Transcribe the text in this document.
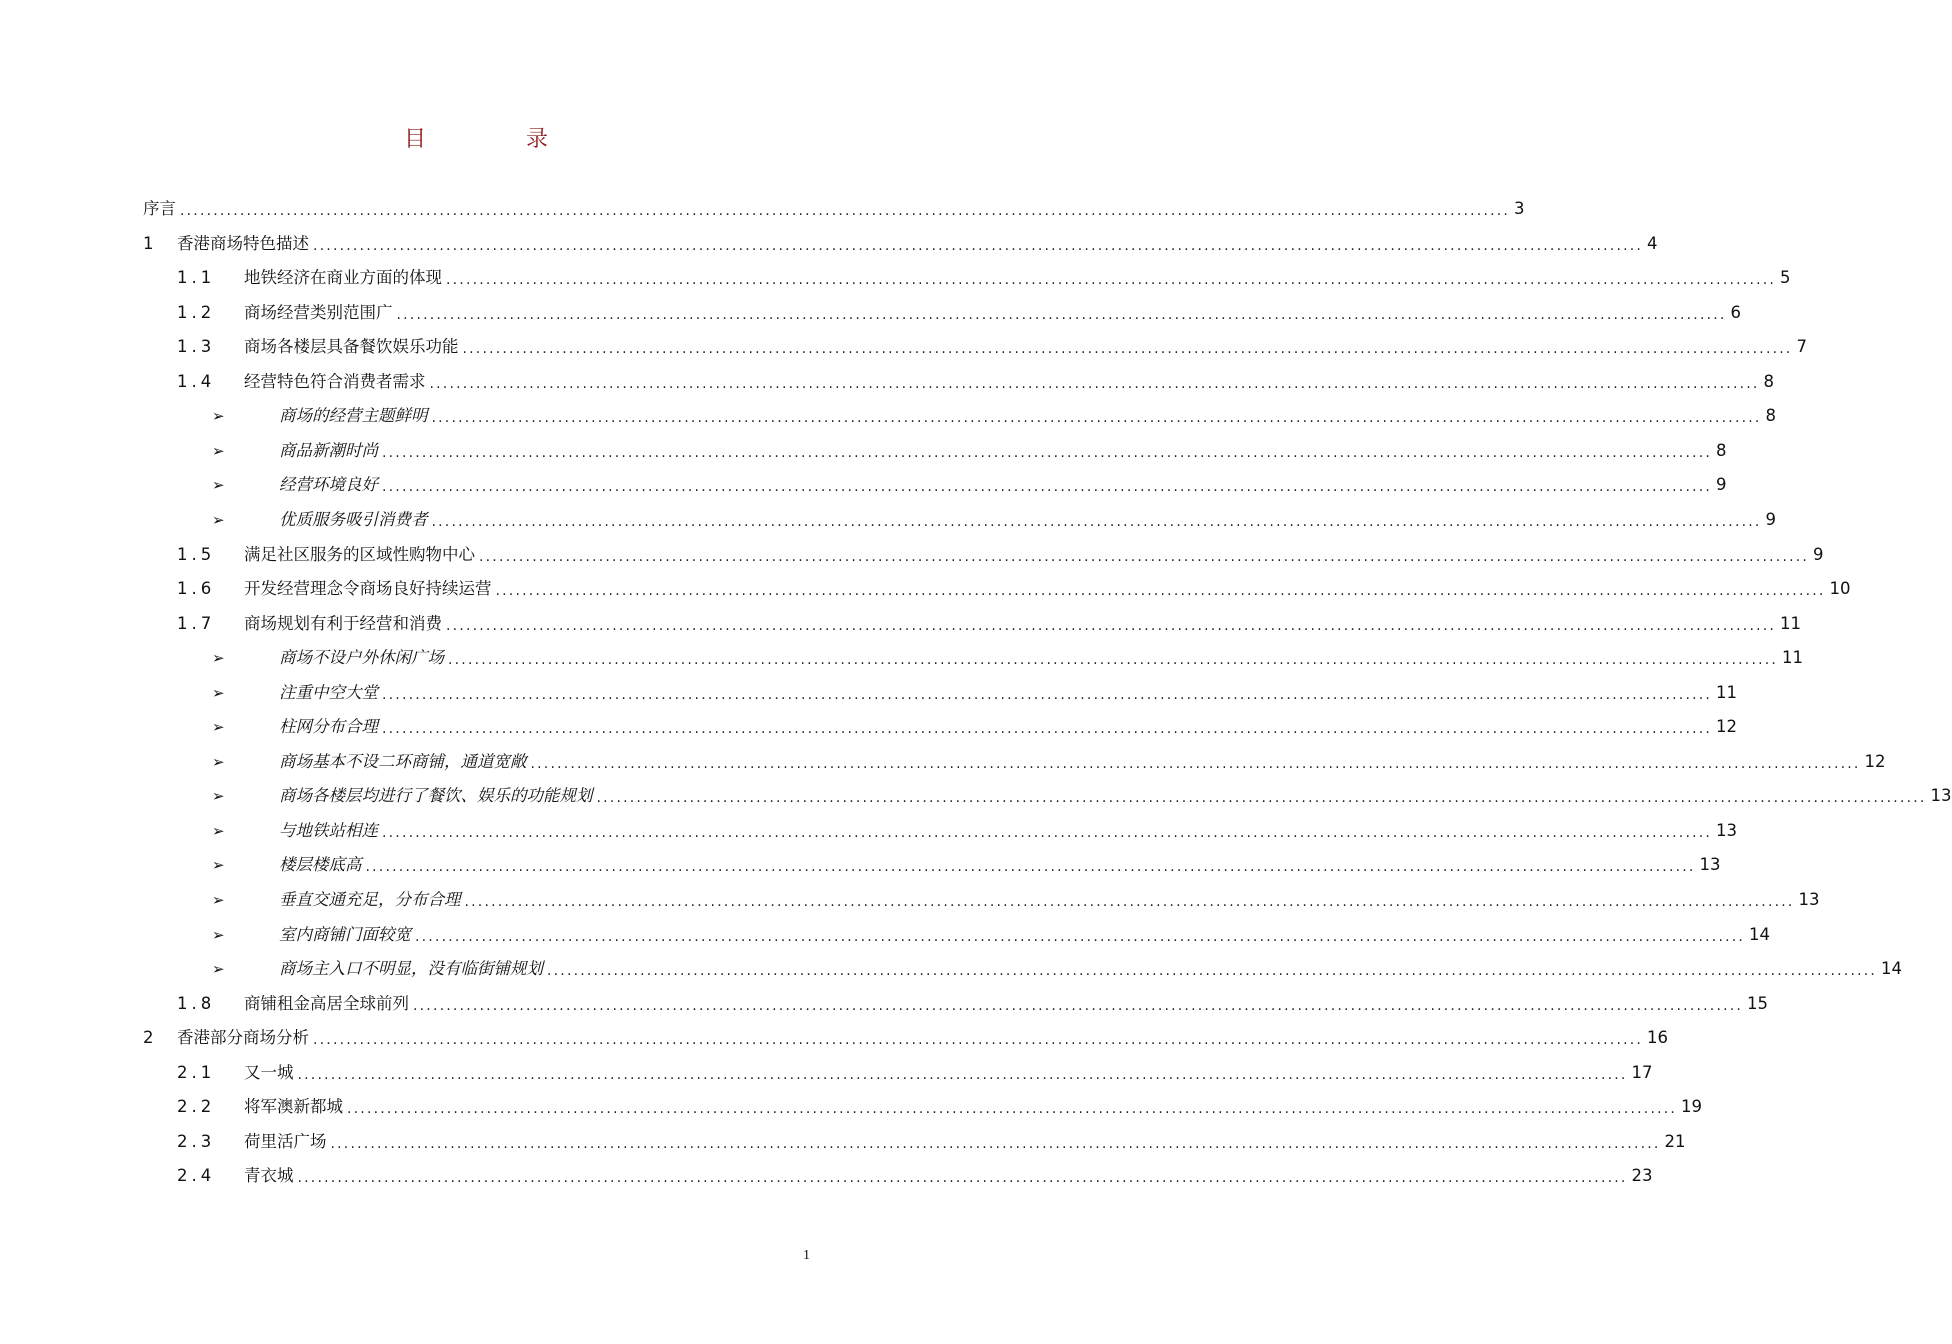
目	录
序言 ........................................................................................................................................................................................................ 3
1	香港商场特色描述 ........................................................................................................................................................................................................ 4
1.1	地铁经济在商业方面的体现 ........................................................................................................................................................................................................ 5
1.2	商场经营类别范围广 ........................................................................................................................................................................................................ 6
1.3	商场各楼层具备餐饮娱乐功能 ........................................................................................................................................................................................................ 7
1.4	经营特色符合消费者需求 ........................................................................................................................................................................................................ 8
➢	商场的经营主题鲜明 ........................................................................................................................................................................................................ 8
➢	商品新潮时尚 ........................................................................................................................................................................................................ 8
➢	经营环境良好 ........................................................................................................................................................................................................ 9
➢	优质服务吸引消费者 ........................................................................................................................................................................................................ 9
1.5	满足社区服务的区域性购物中心 ........................................................................................................................................................................................................ 9
1.6	开发经营理念令商场良好持续运营 ........................................................................................................................................................................................................ 10
1.7	商场规划有利于经营和消费 ........................................................................................................................................................................................................ 11
➢	商场不设户外休闲广场 ........................................................................................................................................................................................................ 11
➢	注重中空大堂 ........................................................................................................................................................................................................ 11
➢	柱网分布合理 ........................................................................................................................................................................................................ 12
➢	商场基本不设二环商铺，通道宽敞 ........................................................................................................................................................................................................ 12
➢	商场各楼层均进行了餐饮、娱乐的功能规划 ........................................................................................................................................................................................................ 13
➢	与地铁站相连 ........................................................................................................................................................................................................ 13
➢	楼层楼底高 ........................................................................................................................................................................................................ 13
➢	垂直交通充足，分布合理 ........................................................................................................................................................................................................ 13
➢	室内商铺门面较宽 ........................................................................................................................................................................................................ 14
➢	商场主入口不明显，没有临街铺规划 ........................................................................................................................................................................................................ 14
1.8	商铺租金高居全球前列 ........................................................................................................................................................................................................ 15
2	香港部分商场分析 ........................................................................................................................................................................................................ 16
2.1	又一城 ........................................................................................................................................................................................................ 17
2.2	将军澳新都城 ........................................................................................................................................................................................................ 19
2.3	荷里活广场 ........................................................................................................................................................................................................ 21
2.4	青衣城 ........................................................................................................................................................................................................ 23
1
